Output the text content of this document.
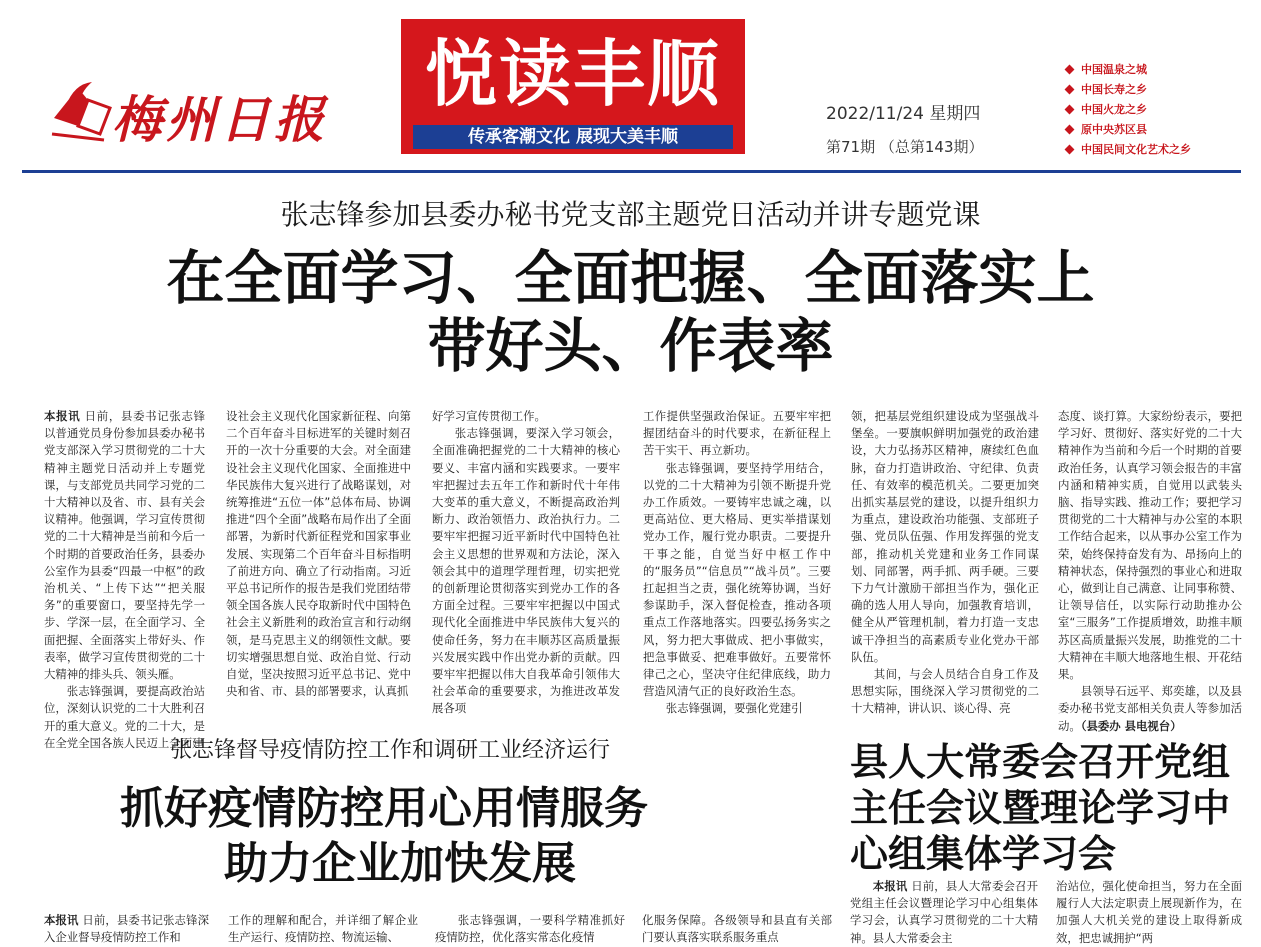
梅州日报
悦读丰顺
传承客潮文化 展现大美丰顺
2022/11/24 星期四
第71期 （总第143期）
中国温泉之城
中国长寿之乡
中国火龙之乡
原中央苏区县
中国民间文化艺术之乡
张志锋参加县委办秘书党支部主题党日活动并讲专题党课
在全面学习、全面把握、全面落实上
带好头、作表率
本报讯 日前，县委书记张志锋以普通党员身份参加县委办秘书党支部深入学习贯彻党的二十大精神主题党日活动并上专题党课，与支部党员共同学习党的二十大精神以及省、市、县有关会议精神。他强调，学习宣传贯彻党的二十大精神是当前和今后一个时期的首要政治任务，县委办公室作为县委“四最一中枢”的政治机关、“上传下达”“把关服务”的重要窗口，要坚持先学一步、学深一层，在全面学习、全面把握、全面落实上带好头、作表率，做学习宣传贯彻党的二十大精神的排头兵、领头雁。
张志锋强调，要提高政治站位，深刻认识党的二十大胜利召开的重大意义。党的二十大，是在全党全国各族人民迈上全面建
设社会主义现代化国家新征程、向第二个百年奋斗目标进军的关键时刻召开的一次十分重要的大会。对全面建设社会主义现代化国家、全面推进中华民族伟大复兴进行了战略谋划，对统筹推进“五位一体”总体布局、协调推进“四个全面”战略布局作出了全面部署，为新时代新征程党和国家事业发展、实现第二个百年奋斗目标指明了前进方向、确立了行动指南。习近平总书记所作的报告是我们党团结带领全国各族人民夺取新时代中国特色社会主义新胜利的政治宣言和行动纲领，是马克思主义的纲领性文献。要切实增强思想自觉、政治自觉、行动自觉，坚决按照习近平总书记、党中央和省、市、县的部署要求，认真抓
好学习宣传贯彻工作。
张志锋强调，要深入学习领会，全面准确把握党的二十大精神的核心要义、丰富内涵和实践要求。一要牢牢把握过去五年工作和新时代十年伟大变革的重大意义，不断提高政治判断力、政治领悟力、政治执行力。二要牢牢把握习近平新时代中国特色社会主义思想的世界观和方法论，深入领会其中的道理学理哲理，切实把党的创新理论贯彻落实到党办工作的各方面全过程。三要牢牢把握以中国式现代化全面推进中华民族伟大复兴的使命任务，努力在丰顺苏区高质量振兴发展实践中作出党办新的贡献。四要牢牢把握以伟大自我革命引领伟大社会革命的重要要求，为推进改革发展各项
工作提供坚强政治保证。五要牢牢把握团结奋斗的时代要求，在新征程上苦干实干、再立新功。
张志锋强调，要坚持学用结合，以党的二十大精神为引领不断提升党办工作质效。一要铸牢忠诚之魂，以更高站位、更大格局、更实举措谋划党办工作，履行党办职责。二要提升干事之能，自觉当好中枢工作中的“服务员”“信息员”“战斗员”。三要扛起担当之责，强化统筹协调，当好参谋助手，深入督促检查，推动各项重点工作落地落实。四要弘扬务实之风，努力把大事做成、把小事做实，把急事做妥、把难事做好。五要常怀律己之心，坚决守住纪律底线，助力营造风清气正的良好政治生态。
张志锋强调，要强化党建引
领，把基层党组织建设成为坚强战斗堡垒。一要旗帜鲜明加强党的政治建设，大力弘扬苏区精神，赓续红色血脉，奋力打造讲政治、守纪律、负责任、有效率的模范机关。二要更加突出抓实基层党的建设，以提升组织力为重点，建设政治功能强、支部班子强、党员队伍强、作用发挥强的党支部，推动机关党建和业务工作同谋划、同部署，两手抓、两手硬。三要下力气计激励干部担当作为，强化正确的选人用人导向，加强教育培训，健全从严管理机制，着力打造一支忠诚干净担当的高素质专业化党办干部队伍。
其间，与会人员结合自身工作及思想实际，围绕深入学习贯彻党的二十大精神，讲认识、谈心得、亮
态度、谈打算。大家纷纷表示，要把学习好、贯彻好、落实好党的二十大精神作为当前和今后一个时期的首要政治任务，认真学习领会报告的丰富内涵和精神实质，自觉用以武装头脑、指导实践、推动工作；要把学习贯彻党的二十大精神与办公室的本职工作结合起来，以从事办公室工作为荣，始终保持奋发有为、昂扬向上的精神状态，保持强烈的事业心和进取心，做到让自己满意、让同事称赞、让领导信任，以实际行动助推办公室“三服务”工作提质增效，助推丰顺苏区高质量振兴发展，助推党的二十大精神在丰顺大地落地生根、开花结果。
县领导石远平、郑奕雄，以及县委办秘书党支部相关负责人等参加活动。（县委办 县电视台）
张志锋督导疫情防控工作和调研工业经济运行
抓好疫情防控用心用情服务
助力企业加快发展
本报讯 日前，县委书记张志锋深入企业督导疫情防控工作和
工作的理解和配合，并详细了解企业生产运行、疫情防控、物流运输、
张志锋强调，一要科学精准抓好疫情防控，优化落实常态化疫情
化服务保障。各级领导和县直有关部门要认真落实联系服务重点
县人大常委会召开党组主任会议暨理论学习中心组集体学习会
本报讯 日前，县人大常委会召开党组主任会议暨理论学习中心组集体学习会，认真学习贯彻党的二十大精神。县人大常委会主
治站位，强化使命担当，努力在全面履行人大法定职责上展现新作为，在加强人大机关党的建设上取得新成效，把忠诚拥护“两
